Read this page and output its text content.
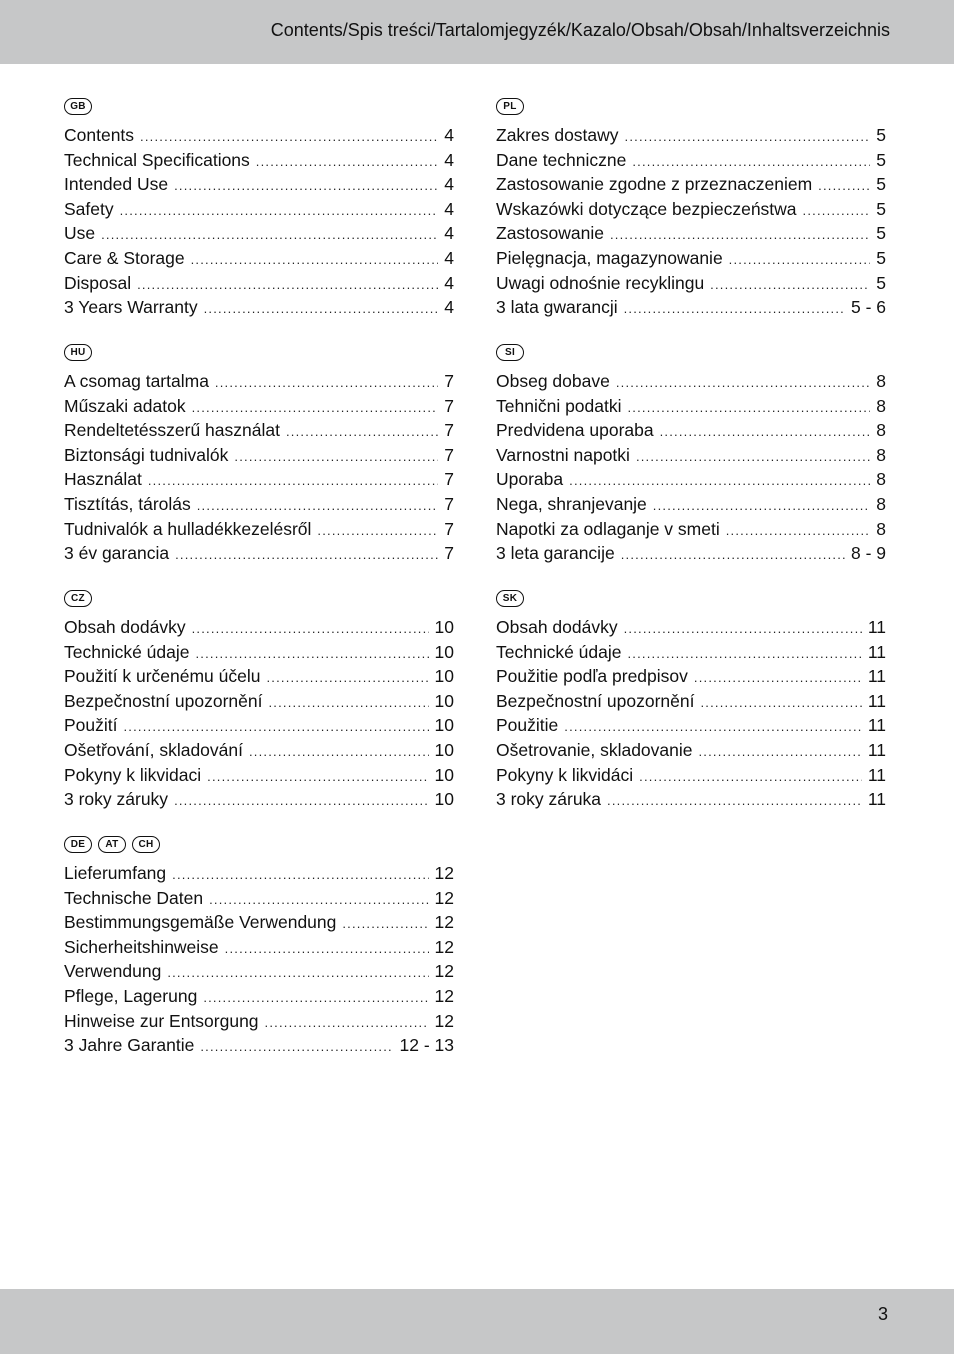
Contents/Spis treści/Tartalomjegyzék/Kazalo/Obsah/Obsah/Inhaltsverzeichnis
GB
Contents .....	4
Technical Specifications .....	4
Intended Use .....	4
Safety .....	4
Use .....	4
Care & Storage .....	4
Disposal .....	4
3 Years Warranty .....	4
HU
A csomag tartalma .....	7
Műszaki adatok .....	7
Rendeltetésszerű használat .....	7
Biztonsági tudnivalók .....	7
Használat .....	7
Tisztítás, tárolás .....	7
Tudnivalók a hulladékkezelésről .....	7
3 év garancia .....	7
CZ
Obsah dodávky .....	10
Technické údaje .....	10
Použití k určenému účelu .....	10
Bezpečnostní upozornění .....	10
Použití .....	10
Ošetřování, skladování .....	10
Pokyny k likvidaci .....	10
3 roky záruky .....	10
DE	AT	CH
Lieferumfang .....	12
Technische Daten .....	12
Bestimmungsgemäße Verwendung .....	12
Sicherheitshinweise .....	12
Verwendung .....	12
Pflege, Lagerung .....	12
Hinweise zur Entsorgung .....	12
3 Jahre Garantie .....	12 - 13
PL
Zakres dostawy .....	5
Dane techniczne .....	5
Zastosowanie zgodne z przeznaczeniem .....	5
Wskazówki dotyczące bezpieczeństwa .....	5
Zastosowanie .....	5
Pielęgnacja, magazynowanie .....	5
Uwagi odnośnie recyklingu .....	5
3 lata gwarancji .....	5 - 6
SI
Obseg dobave .....	8
Tehnični podatki .....	8
Predvidena uporaba .....	8
Varnostni napotki .....	8
Uporaba .....	8
Nega, shranjevanje .....	8
Napotki za odlaganje v smeti .....	8
3 leta garancije .....	8 - 9
SK
Obsah dodávky .....	11
Technické údaje .....	11
Použitie podľa predpisov .....	11
Bezpečnostní upozornění .....	11
Použitie .....	11
Ošetrovanie, skladovanie .....	11
Pokyny k likvidáci .....	11
3 roky záruka .....	11
3
